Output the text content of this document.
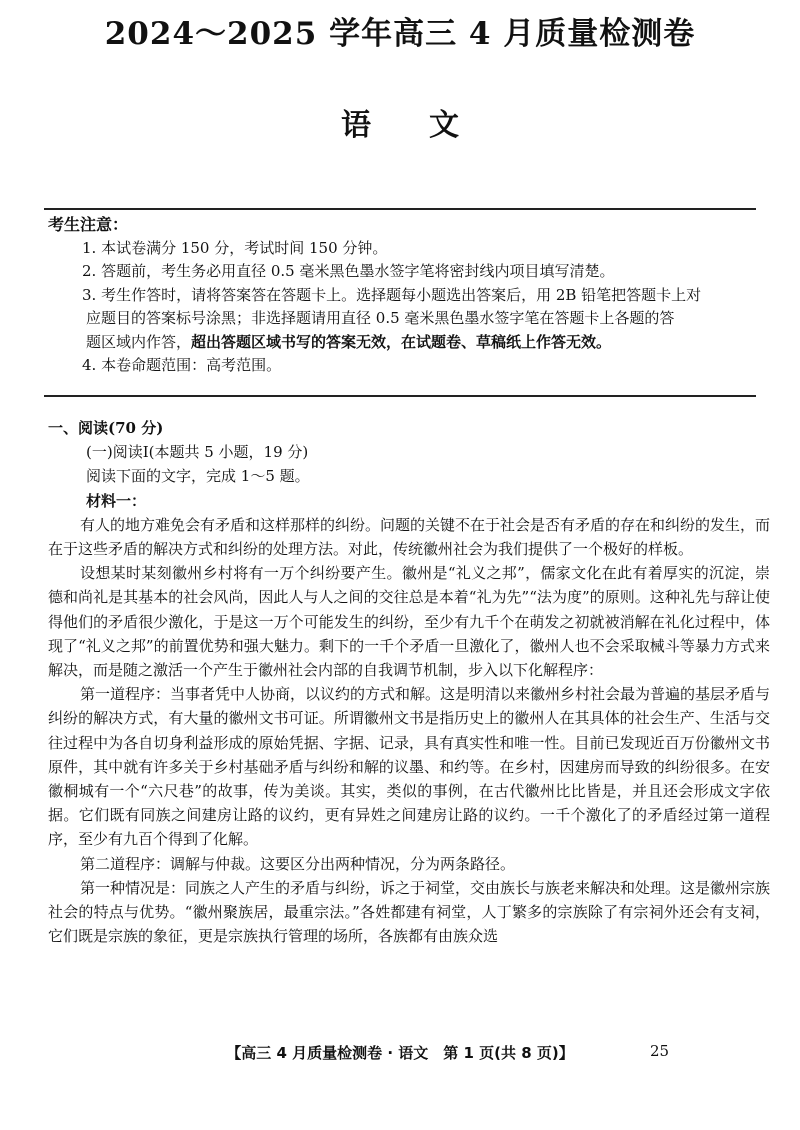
2024～2025 学年高三 4 月质量检测卷
语文
考生注意：
1. 本试卷满分 150 分，考试时间 150 分钟。
2. 答题前，考生务必用直径 0.5 毫米黑色墨水签字笔将密封线内项目填写清楚。
3. 考生作答时，请将答案答在答题卡上。选择题每小题选出答案后，用 2B 铅笔把答题卡上对
应题目的答案标号涂黑；非选择题请用直径 0.5 毫米黑色墨水签字笔在答题卡上各题的答
题区域内作答，超出答题区域书写的答案无效，在试题卷、草稿纸上作答无效。
4. 本卷命题范围：高考范围。
一、阅读(70 分)
(一)阅读Ⅰ(本题共 5 小题，19 分)
阅读下面的文字，完成 1～5 题。
材料一：
有人的地方难免会有矛盾和这样那样的纠纷。问题的关键不在于社会是否有矛盾的存在和纠纷的发生，而在于这些矛盾的解决方式和纠纷的处理方法。对此，传统徽州社会为我们提供了一个极好的样板。
设想某时某刻徽州乡村将有一万个纠纷要产生。徽州是“礼义之邦”，儒家文化在此有着厚实的沉淀，崇德和尚礼是其基本的社会风尚，因此人与人之间的交往总是本着“礼为先”“法为度”的原则。这种礼先与辞让使得他们的矛盾很少激化，于是这一万个可能发生的纠纷，至少有九千个在萌发之初就被消解在礼化过程中，体现了“礼义之邦”的前置优势和强大魅力。剩下的一千个矛盾一旦激化了，徽州人也不会采取械斗等暴力方式来解决，而是随之激活一个产生于徽州社会内部的自我调节机制，步入以下化解程序：
第一道程序：当事者凭中人协商，以议约的方式和解。这是明清以来徽州乡村社会最为普遍的基层矛盾与纠纷的解决方式，有大量的徽州文书可证。所谓徽州文书是指历史上的徽州人在其具体的社会生产、生活与交往过程中为各自切身利益形成的原始凭据、字据、记录，具有真实性和唯一性。目前已发现近百万份徽州文书原件，其中就有许多关于乡村基础矛盾与纠纷和解的议墨、和约等。在乡村，因建房而导致的纠纷很多。在安徽桐城有一个“六尺巷”的故事，传为美谈。其实，类似的事例，在古代徽州比比皆是，并且还会形成文字依据。它们既有同族之间建房让路的议约，更有异姓之间建房让路的议约。一千个激化了的矛盾经过第一道程序，至少有九百个得到了化解。
第二道程序：调解与仲裁。这要区分出两种情况，分为两条路径。
第一种情况是：同族之人产生的矛盾与纠纷，诉之于祠堂，交由族长与族老来解决和处理。这是徽州宗族社会的特点与优势。“徽州聚族居，最重宗法。”各姓都建有祠堂，人丁繁多的宗族除了有宗祠外还会有支祠，它们既是宗族的象征，更是宗族执行管理的场所，各族都有由族众选
【高三 4 月质量检测卷 · 语文　第 1 页(共 8 页)】	25
